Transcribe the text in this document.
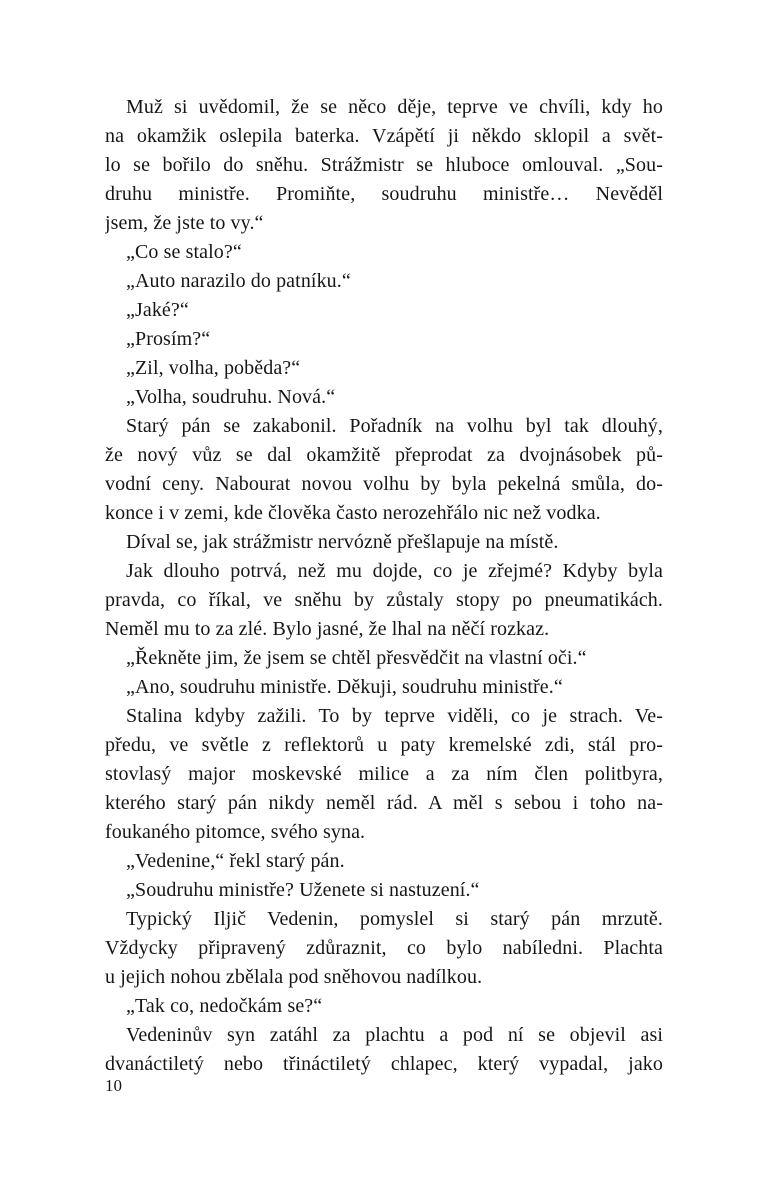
Muž si uvědomil, že se něco děje, teprve ve chvíli, kdy ho
na okamžik oslepila baterka. Vzápětí ji někdo sklopil a svět-
lo se bořilo do sněhu. Strážmistr se hluboce omlouval. „Sou-
druhu ministře. Promiňte, soudruhu ministře… Nevěděl
jsem, že jste to vy.“
„Co se stalo?“
„Auto narazilo do patníku.“
„Jaké?“
„Prosím?“
„Zil, volha, poběda?“
„Volha, soudruhu. Nová.“
Starý pán se zakabonil. Pořadník na volhu byl tak dlouhý,
že nový vůz se dal okamžitě přeprodat za dvojnásobek pů-
vodní ceny. Nabourat novou volhu by byla pekelná smůla, do-
konce i v zemi, kde člověka často nerozehřálo nic než vodka.
Díval se, jak strážmistr nervózně přešlapuje na místě.
Jak dlouho potrvá, než mu dojde, co je zřejmé? Kdyby byla
pravda, co říkal, ve sněhu by zůstaly stopy po pneumatikách.
Neměl mu to za zlé. Bylo jasné, že lhal na něčí rozkaz.
„Řekněte jim, že jsem se chtěl přesvědčit na vlastní oči.“
„Ano, soudruhu ministře. Děkuji, soudruhu ministře.“
Stalina kdyby zažili. To by teprve viděli, co je strach. Ve-
předu, ve světle z reflektorů u paty kremelské zdi, stál pro-
stovlasý major moskevské milice a za ním člen politbyra,
kterého starý pán nikdy neměl rád. A měl s sebou i toho na-
foukaného pitomce, svého syna.
„Vedenine,“ řekl starý pán.
„Soudruhu ministře? Uženete si nastuzení.“
Typický Iljič Vedenin, pomyslel si starý pán mrzutě.
Vždycky připravený zdůraznit, co bylo nabíledni. Plachta
u jejich nohou zbělala pod sněhovou nadílkou.
„Tak co, nedočkám se?“
Vedeninův syn zatáhl za plachtu a pod ní se objevil asi
dvanáctiletý nebo třináctiletý chlapec, který vypadal, jako
10
